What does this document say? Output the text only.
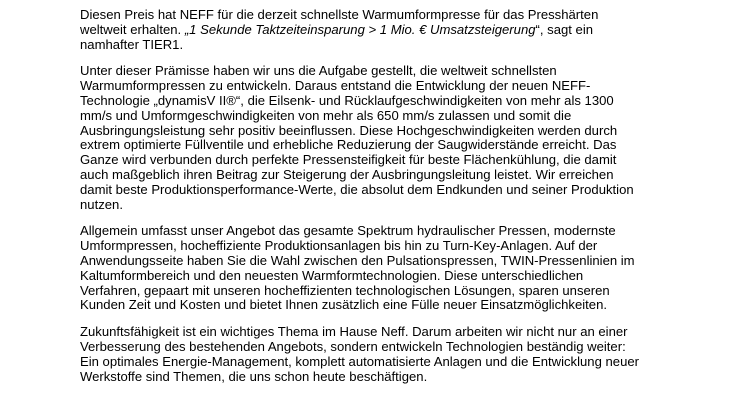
Diesen Preis hat NEFF für die derzeit schnellste Warmumformpresse für das Presshärten
weltweit erhalten. „1 Sekunde Taktzeiteinsparung > 1 Mio. € Umsatzsteigerung“, sagt ein
namhafter TIER1.

Unter dieser Prämisse haben wir uns die Aufgabe gestellt, die weltweit schnellsten
Warmumformpressen zu entwickeln. Daraus entstand die Entwicklung der neuen NEFF-
Technologie „dynamisV II®“, die Eilsenk- und Rücklaufgeschwindigkeiten von mehr als 1300
mm/s und Umformgeschwindigkeiten von mehr als 650 mm/s zulassen und somit die
Ausbringungsleistung sehr positiv beeinflussen. Diese Hochgeschwindigkeiten werden durch
extrem optimierte Füllventile und erhebliche Reduzierung der Saugwiderstände erreicht. Das
Ganze wird verbunden durch perfekte Pressensteifigkeit für beste Flächenkühlung, die damit
auch maßgeblich ihren Beitrag zur Steigerung der Ausbringungsleitung leistet. Wir erreichen
damit beste Produktionsperformance-Werte, die absolut dem Endkunden und seiner Produktion
nutzen.

Allgemein umfasst unser Angebot das gesamte Spektrum hydraulischer Pressen, modernste
Umformpressen, hocheffiziente Produktionsanlagen bis hin zu Turn-Key-Anlagen. Auf der
Anwendungsseite haben Sie die Wahl zwischen den Pulsationspressen, TWIN-Pressenlinien im
Kaltumformbereich und den neuesten Warmformtechnologien. Diese unterschiedlichen
Verfahren, gepaart mit unseren hocheffizienten technologischen Lösungen, sparen unseren
Kunden Zeit und Kosten und bietet Ihnen zusätzlich eine Fülle neuer Einsatzmöglichkeiten.

Zukunftsfähigkeit ist ein wichtiges Thema im Hause Neff. Darum arbeiten wir nicht nur an einer
Verbesserung des bestehenden Angebots, sondern entwickeln Technologien beständig weiter:
Ein optimales Energie-Management, komplett automatisierte Anlagen und die Entwicklung neuer
Werkstoffe sind Themen, die uns schon heute beschäftigen.
